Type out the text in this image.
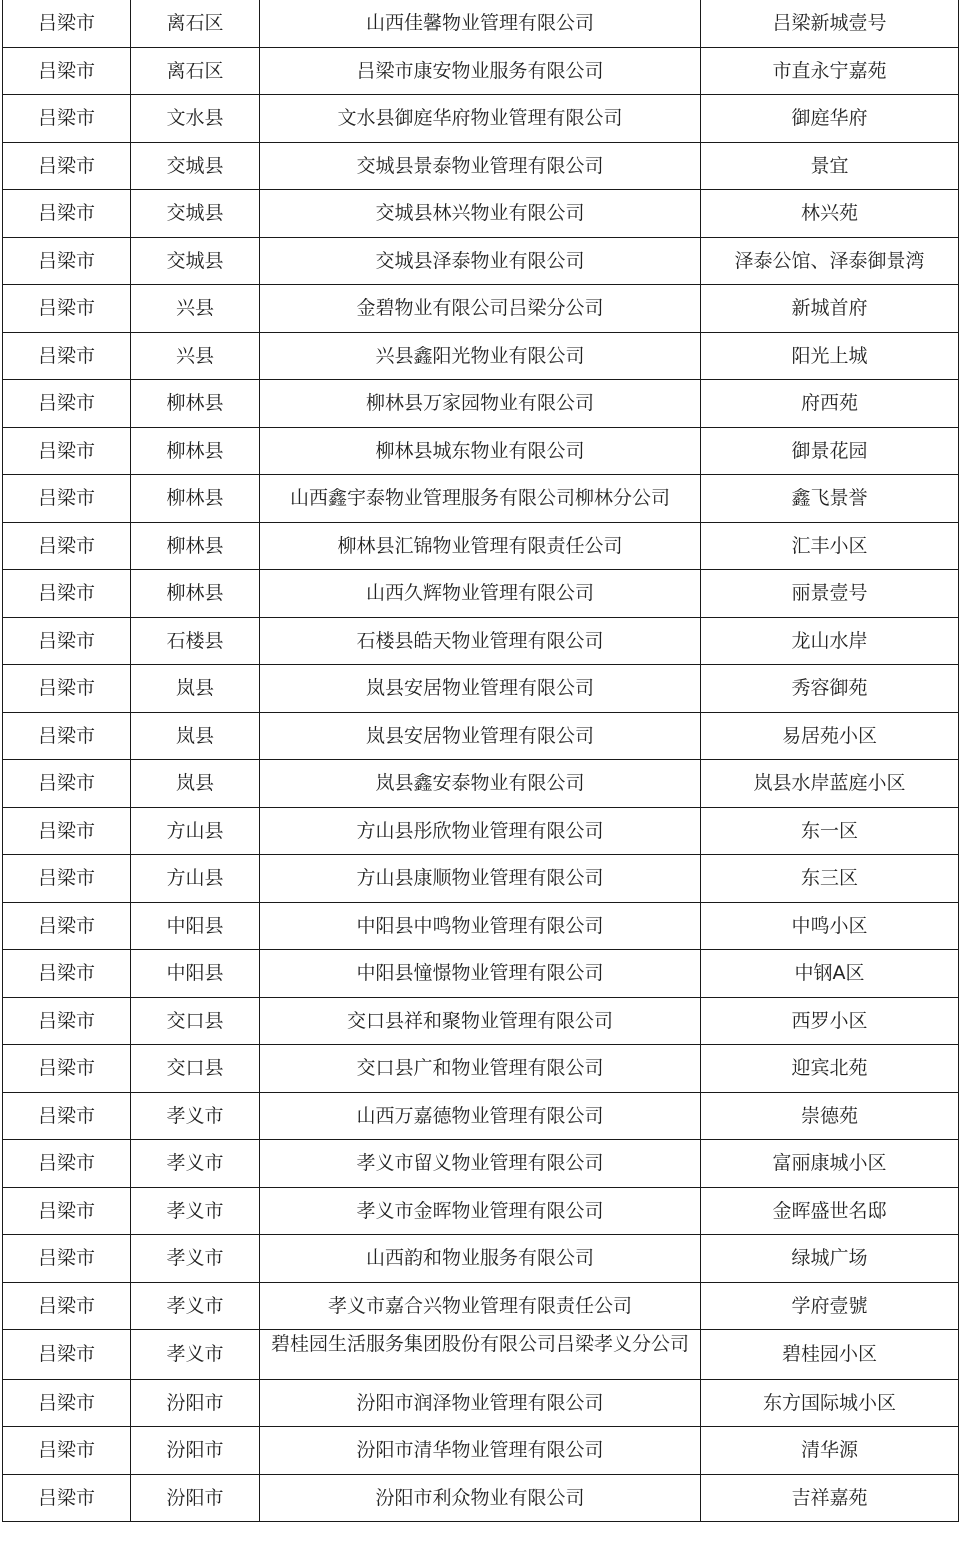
吕梁市	离石区	山西佳馨物业管理有限公司	吕梁新城壹号
吕梁市	离石区	吕梁市康安物业服务有限公司	市直永宁嘉苑
吕梁市	文水县	文水县御庭华府物业管理有限公司	御庭华府
吕梁市	交城县	交城县景泰物业管理有限公司	景宜
吕梁市	交城县	交城县林兴物业有限公司	林兴苑
吕梁市	交城县	交城县泽泰物业有限公司	泽泰公馆、泽泰御景湾
吕梁市	兴县	金碧物业有限公司吕梁分公司	新城首府
吕梁市	兴县	兴县鑫阳光物业有限公司	阳光上城
吕梁市	柳林县	柳林县万家园物业有限公司	府西苑
吕梁市	柳林县	柳林县城东物业有限公司	御景花园
吕梁市	柳林县	山西鑫宇泰物业管理服务有限公司柳林分公司	鑫飞景誉
吕梁市	柳林县	柳林县汇锦物业管理有限责任公司	汇丰小区
吕梁市	柳林县	山西久辉物业管理有限公司	丽景壹号
吕梁市	石楼县	石楼县皓天物业管理有限公司	龙山水岸
吕梁市	岚县	岚县安居物业管理有限公司	秀容御苑
吕梁市	岚县	岚县安居物业管理有限公司	易居苑小区
吕梁市	岚县	岚县鑫安泰物业有限公司	岚县水岸蓝庭小区
吕梁市	方山县	方山县彤欣物业管理有限公司	东一区
吕梁市	方山县	方山县康顺物业管理有限公司	东三区
吕梁市	中阳县	中阳县中鸣物业管理有限公司	中鸣小区
吕梁市	中阳县	中阳县憧憬物业管理有限公司	中钢A区
吕梁市	交口县	交口县祥和聚物业管理有限公司	西罗小区
吕梁市	交口县	交口县广和物业管理有限公司	迎宾北苑
吕梁市	孝义市	山西万嘉德物业管理有限公司	崇德苑
吕梁市	孝义市	孝义市留义物业管理有限公司	富丽康城小区
吕梁市	孝义市	孝义市金晖物业管理有限公司	金晖盛世名邸
吕梁市	孝义市	山西韵和物业服务有限公司	绿城广场
吕梁市	孝义市	孝义市嘉合兴物业管理有限责任公司	学府壹號
吕梁市	孝义市	碧桂园生活服务集团股份有限公司吕梁孝义分公司	碧桂园小区
吕梁市	汾阳市	汾阳市润泽物业管理有限公司	东方国际城小区
吕梁市	汾阳市	汾阳市清华物业管理有限公司	清华源
吕梁市	汾阳市	汾阳市利众物业有限公司	吉祥嘉苑
